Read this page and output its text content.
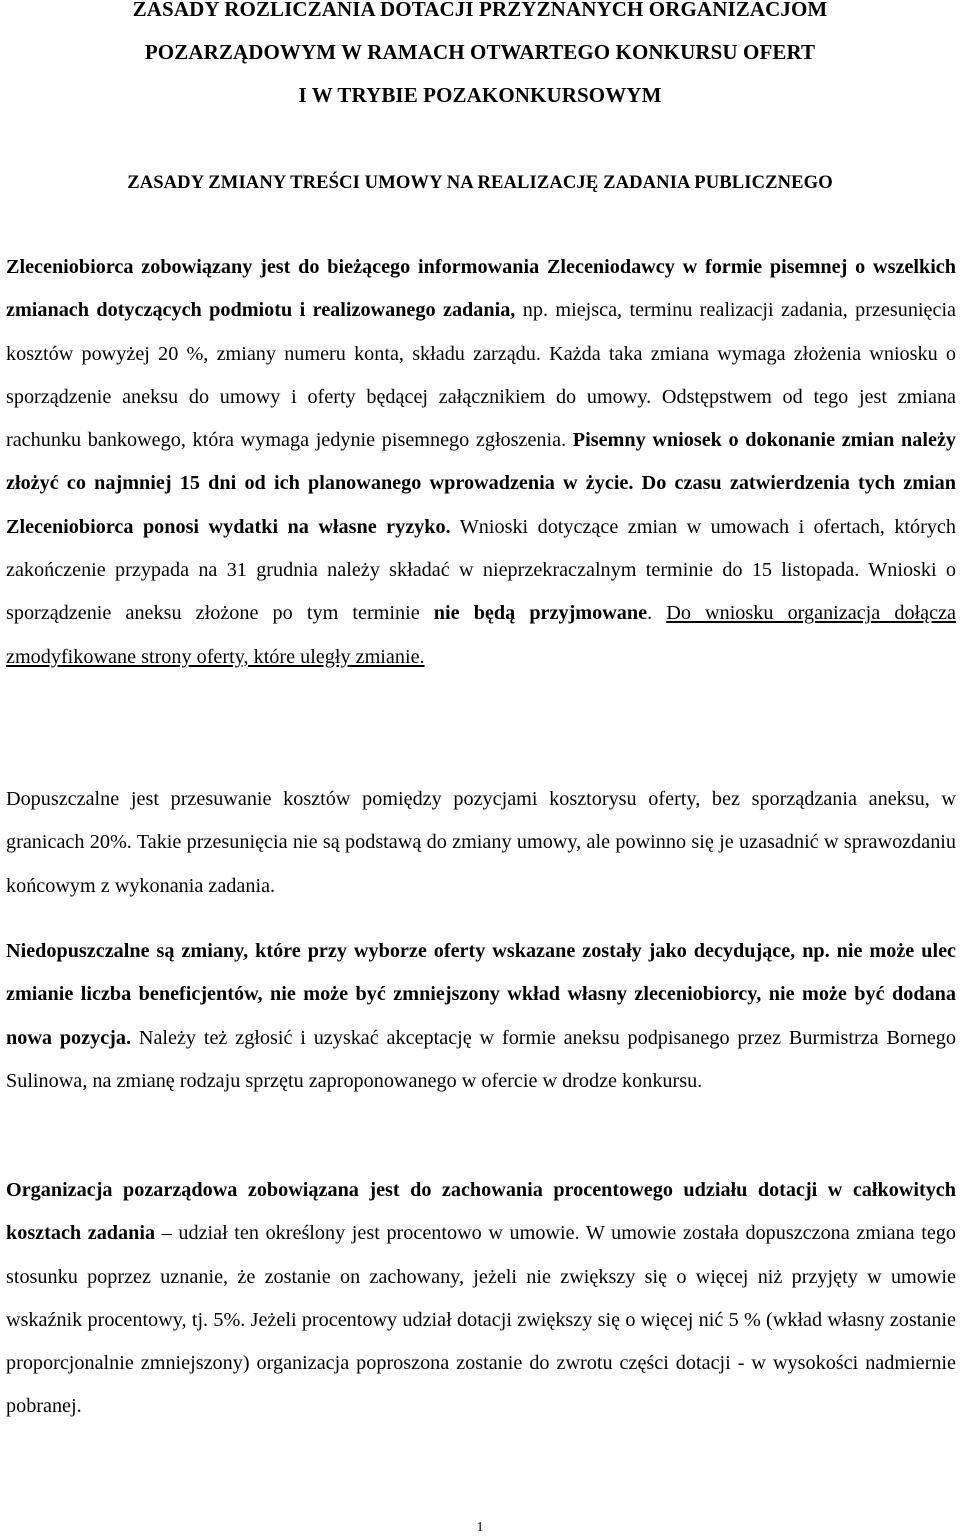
ZASADY ROZLICZANIA DOTACJI PRZYZNANYCH ORGANIZACJOM
POZARZĄDOWYM W RAMACH OTWARTEGO KONKURSU OFERT
I W TRYBIE POZAKONKURSOWYM
ZASADY ZMIANY TREŚCI UMOWY NA REALIZACJĘ ZADANIA PUBLICZNEGO

Zleceniobiorca zobowiązany jest do bieżącego informowania Zleceniodawcy w formie pisemnej o wszelkich zmianach dotyczących podmiotu i realizowanego zadania, np. miejsca, terminu realizacji zadania, przesunięcia kosztów powyżej 20 %, zmiany numeru konta, składu zarządu. Każda taka zmiana wymaga złożenia wniosku o sporządzenie aneksu do umowy i oferty będącej załącznikiem do umowy. Odstępstwem od tego jest zmiana rachunku bankowego, która wymaga jedynie pisemnego zgłoszenia. Pisemny wniosek o dokonanie zmian należy złożyć co najmniej 15 dni od ich planowanego wprowadzenia w życie. Do czasu zatwierdzenia tych zmian Zleceniobiorca ponosi wydatki na własne ryzyko. Wnioski dotyczące zmian w umowach i ofertach, których zakończenie przypada na 31 grudnia należy składać w nieprzekraczalnym terminie do 15 listopada. Wnioski o sporządzenie aneksu złożone po tym terminie nie będą przyjmowane. Do wniosku organizacja dołącza zmodyfikowane strony oferty, które uległy zmianie.

Dopuszczalne jest przesuwanie kosztów pomiędzy pozycjami kosztorysu oferty, bez sporządzania aneksu, w granicach 20%. Takie przesunięcia nie są podstawą do zmiany umowy, ale powinno się je uzasadnić w sprawozdaniu końcowym z wykonania zadania.

Niedopuszczalne są zmiany, które przy wyborze oferty wskazane zostały jako decydujące, np. nie może ulec zmianie liczba beneficjentów, nie może być zmniejszony wkład własny zleceniobiorcy, nie może być dodana nowa pozycja. Należy też zgłosić i uzyskać akceptację w formie aneksu podpisanego przez Burmistrza Bornego Sulinowa, na zmianę rodzaju sprzętu zaproponowanego w ofercie w drodze konkursu.

Organizacja pozarządowa zobowiązana jest do zachowania procentowego udziału dotacji w całkowitych kosztach zadania – udział ten określony jest procentowo w umowie. W umowie została dopuszczona zmiana tego stosunku poprzez uznanie, że zostanie on zachowany, jeżeli nie zwiększy się o więcej niż przyjęty w umowie wskaźnik procentowy, tj. 5%. Jeżeli procentowy udział dotacji zwiększy się o więcej nić 5 % (wkład własny zostanie proporcjonalnie zmniejszony) organizacja poproszona zostanie do zwrotu części dotacji - w wysokości nadmiernie pobranej.

1
